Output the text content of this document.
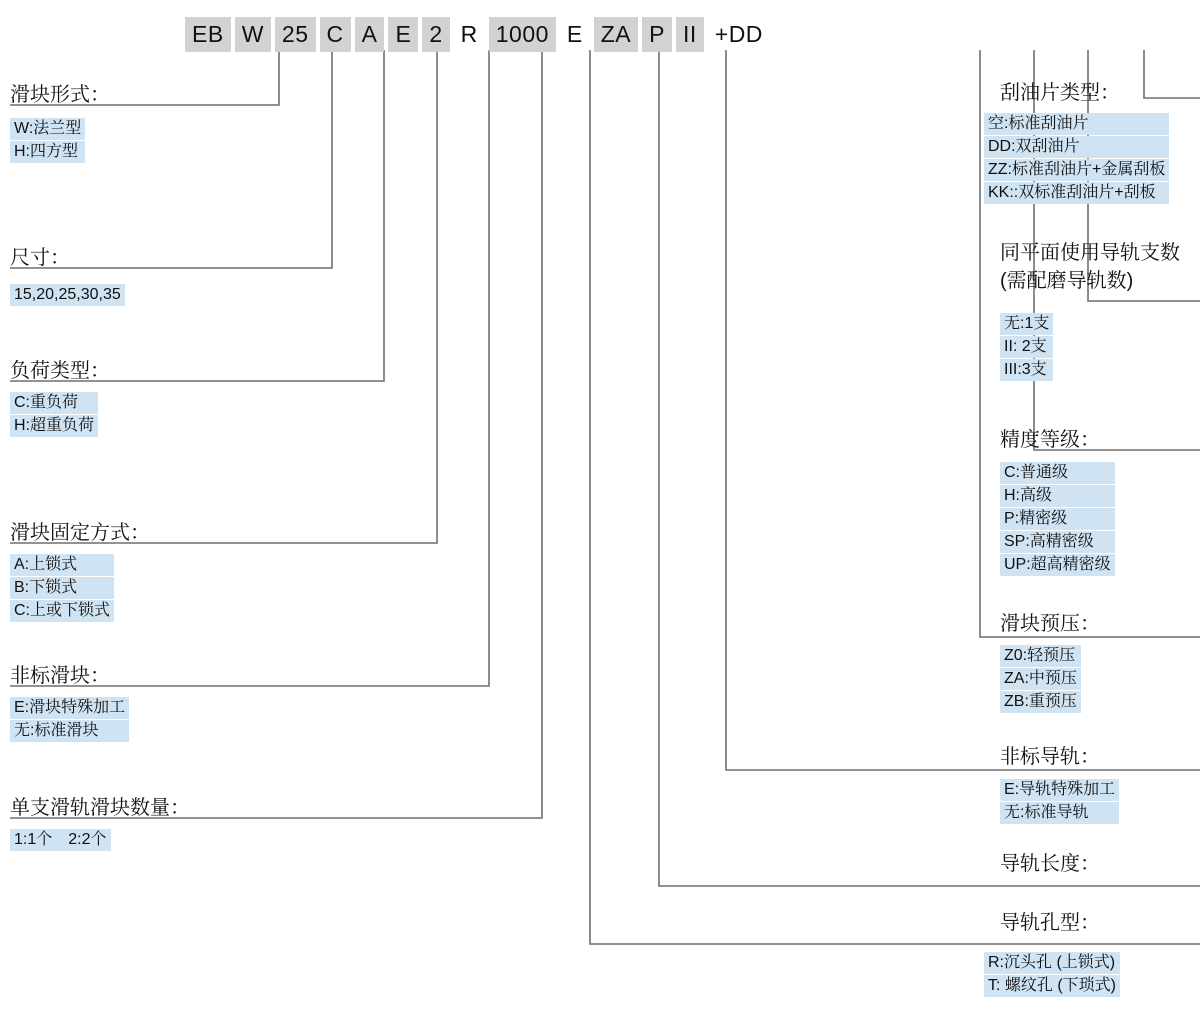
EB W 25 C A E 2 R 1000 E ZA P II +DD
滑块形式：
W:法兰型
H:四方型
尺寸：
15,20,25,30,35
负荷类型：
C:重负荷
H:超重负荷
滑块固定方式：
A:上锁式
B:下锁式
C:上或下锁式
非标滑块：
E:滑块特殊加工
无:标准滑块
单支滑轨滑块数量：
1:1个　2:2个
刮油片类型：
空:标准刮油片
DD:双刮油片
ZZ:标准刮油片+金属刮板
KK::双标准刮油片+刮板
同平面使用导轨支数
(需配磨导轨数)
无:1支
II: 2支
III:3支
精度等级：
C:普通级
H:高级
P:精密级
SP:高精密级
UP:超高精密级
滑块预压：
Z0:轻预压
ZA:中预压
ZB:重预压
非标导轨：
E:导轨特殊加工
无:标准导轨
导轨长度：
导轨孔型：
R:沉头孔 (上锁式)
T: 螺纹孔 (下琐式)
